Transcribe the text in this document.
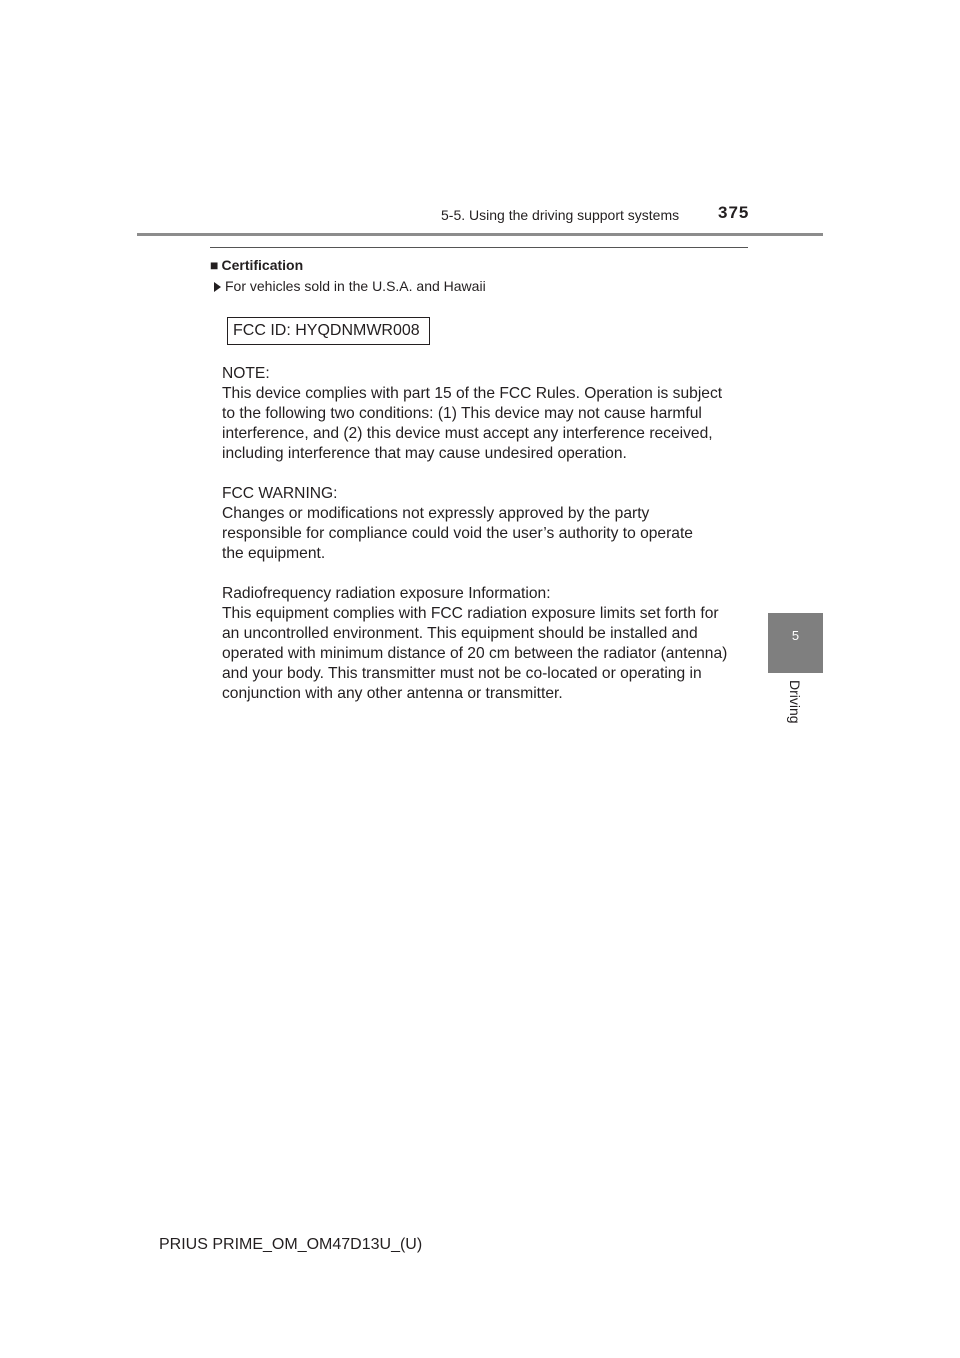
5-5. Using the driving support systems 375
■ Certification
For vehicles sold in the U.S.A. and Hawaii
FCC ID: HYQDNMWR008

NOTE:
This device complies with part 15 of the FCC Rules. Operation is subject
to the following two conditions: (1) This device may not cause harmful
interference, and (2) this device must accept any interference received,
including interference that may cause undesired operation.

FCC WARNING:
Changes or modifications not expressly approved by the party
responsible for compliance could void the user’s authority to operate
the equipment.

Radiofrequency radiation exposure Information:
This equipment complies with FCC radiation exposure limits set forth for
an uncontrolled environment. This equipment should be installed and
operated with minimum distance of 20 cm between the radiator (antenna)
and your body. This transmitter must not be co-located or operating in
conjunction with any other antenna or transmitter.

5
Driving
PRIUS PRIME_OM_OM47D13U_(U)
